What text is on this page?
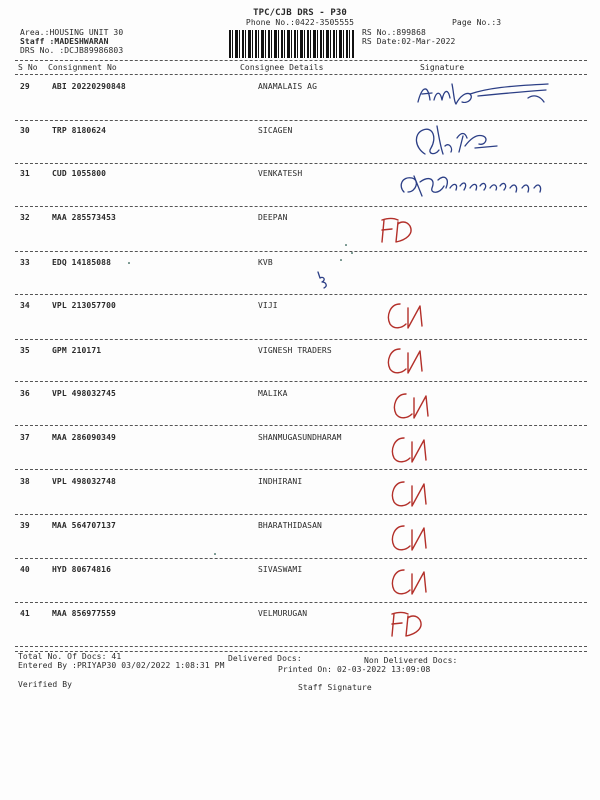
TPC/CJB DRS - P30
Phone No.:0422-3505555	Page No.:3
Area.:HOUSING UNIT 30
Staff :MADESHWARAN
DRS No. :DCJB89986803
RS No.:899868
RS Date:02-Mar-2022
S No Consignment No	Consignee Details	Signature
29	ABI 20220290848	ANAMALAIS AG
30	TRP 8180624	SICAGEN
31	CUD 1055800	VENKATESH
32	MAA 285573453	DEEPAN
33	EDQ 14185088	KVB
34	VPL 213057700	VIJI
35	GPM 210171	VIGNESH TRADERS
36	VPL 498032745	MALIKA
37	MAA 286090349	SHANMUGASUNDHARAM
38	VPL 498032748	INDHIRANI
39	MAA 564707137	BHARATHIDASAN
40	HYD 80674816	SIVASWAMI
41	MAA 856977559	VELMURUGAN
Total No. Of Docs: 41	Delivered Docs:	Non Delivered Docs:
Entered By :PRIYAP30 03/02/2022 1:08:31 PM	Printed On: 02-03-2022 13:09:08
Verified By	Staff Signature
